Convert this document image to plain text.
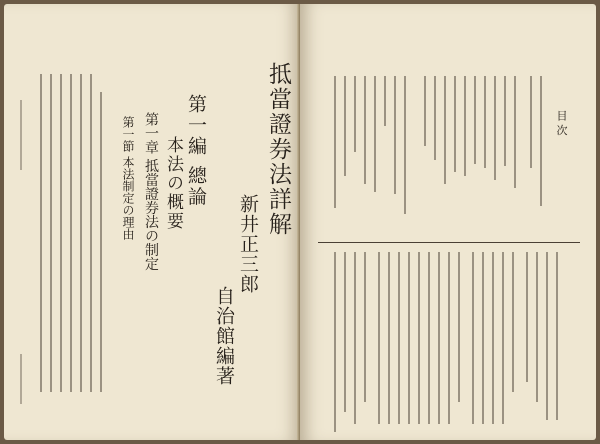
抵當證券法詳解
新井正三郎
自治館編著
第一編 總論
本法の概要
第一章 抵當證券法の制定
第一節 本法制定の理由	目 次
